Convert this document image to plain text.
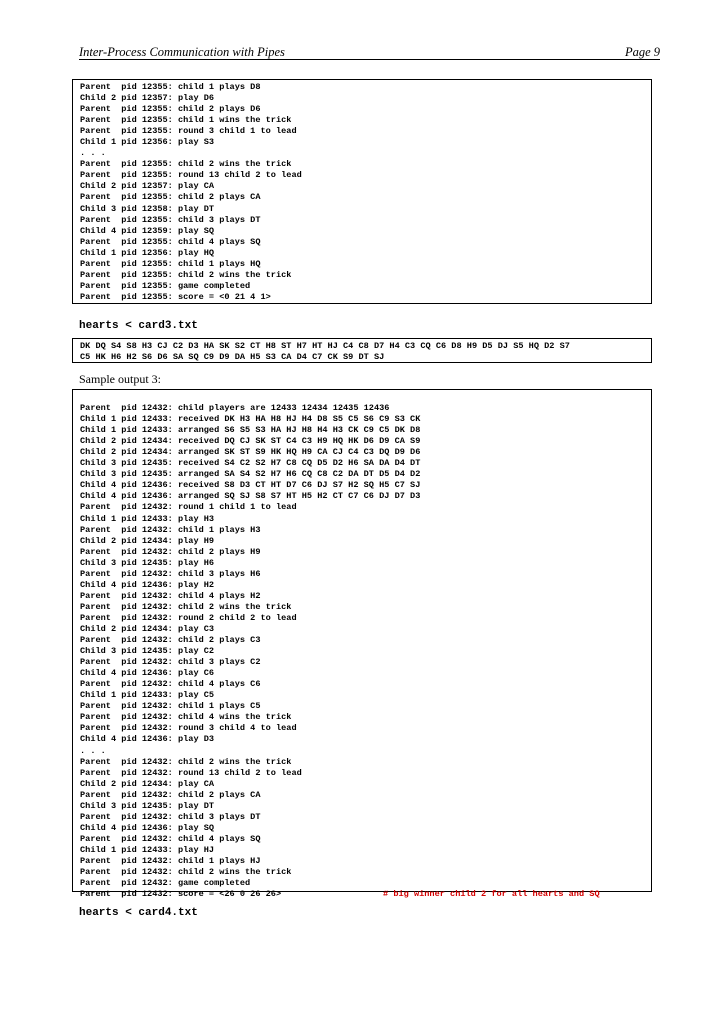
Inter-Process Communication with Pipes	Page 9
Parent  pid 12355: child 1 plays D8
Child 2 pid 12357: play D6
Parent  pid 12355: child 2 plays D6
Parent  pid 12355: child 1 wins the trick
Parent  pid 12355: round 3 child 1 to lead
Child 1 pid 12356: play S3
. . .
Parent  pid 12355: child 2 wins the trick
Parent  pid 12355: round 13 child 2 to lead
Child 2 pid 12357: play CA
Parent  pid 12355: child 2 plays CA
Child 3 pid 12358: play DT
Parent  pid 12355: child 3 plays DT
Child 4 pid 12359: play SQ
Parent  pid 12355: child 4 plays SQ
Child 1 pid 12356: play HQ
Parent  pid 12355: child 1 plays HQ
Parent  pid 12355: child 2 wins the trick
Parent  pid 12355: game completed
Parent  pid 12355: score = <0 21 4 1>
hearts < card3.txt
DK DQ S4 S8 H3 CJ C2 D3 HA SK S2 CT H8 ST H7 HT HJ C4 C8 D7 H4 C3 CQ C6 D8 H9 D5 DJ S5 HQ D2 S7
C5 HK H6 H2 S6 D6 SA SQ C9 D9 DA H5 S3 CA D4 C7 CK S9 DT SJ
Sample output 3:

Parent  pid 12432: child players are 12433 12434 12435 12436
Child 1 pid 12433: received DK H3 HA H8 HJ H4 D8 S5 C5 S6 C9 S3 CK
Child 1 pid 12433: arranged S6 S5 S3 HA HJ H8 H4 H3 CK C9 C5 DK D8
Child 2 pid 12434: received DQ CJ SK ST C4 C3 H9 HQ HK D6 D9 CA S9
Child 2 pid 12434: arranged SK ST S9 HK HQ H9 CA CJ C4 C3 DQ D9 D6
Child 3 pid 12435: received S4 C2 S2 H7 C8 CQ D5 D2 H6 SA DA D4 DT
Child 3 pid 12435: arranged SA S4 S2 H7 H6 CQ C8 C2 DA DT D5 D4 D2
Child 4 pid 12436: received S8 D3 CT HT D7 C6 DJ S7 H2 SQ H5 C7 SJ
Child 4 pid 12436: arranged SQ SJ S8 S7 HT H5 H2 CT C7 C6 DJ D7 D3
Parent  pid 12432: round 1 child 1 to lead
Child 1 pid 12433: play H3
Parent  pid 12432: child 1 plays H3
Child 2 pid 12434: play H9
Parent  pid 12432: child 2 plays H9
Child 3 pid 12435: play H6
Parent  pid 12432: child 3 plays H6
Child 4 pid 12436: play H2
Parent  pid 12432: child 4 plays H2
Parent  pid 12432: child 2 wins the trick
Parent  pid 12432: round 2 child 2 to lead
Child 2 pid 12434: play C3
Parent  pid 12432: child 2 plays C3
Child 3 pid 12435: play C2
Parent  pid 12432: child 3 plays C2
Child 4 pid 12436: play C6
Parent  pid 12432: child 4 plays C6
Child 1 pid 12433: play C5
Parent  pid 12432: child 1 plays C5
Parent  pid 12432: child 4 wins the trick
Parent  pid 12432: round 3 child 4 to lead
Child 4 pid 12436: play D3
. . .
Parent  pid 12432: child 2 wins the trick
Parent  pid 12432: round 13 child 2 to lead
Child 2 pid 12434: play CA
Parent  pid 12432: child 2 plays CA
Child 3 pid 12435: play DT
Parent  pid 12432: child 3 plays DT
Child 4 pid 12436: play SQ
Parent  pid 12432: child 4 plays SQ
Child 1 pid 12433: play HJ
Parent  pid 12432: child 1 plays HJ
Parent  pid 12432: child 2 wins the trick
Parent  pid 12432: game completed
Parent  pid 12432: score = <26 0 26 26>	# big winner child 2 for all hearts and SQ
hearts < card4.txt
